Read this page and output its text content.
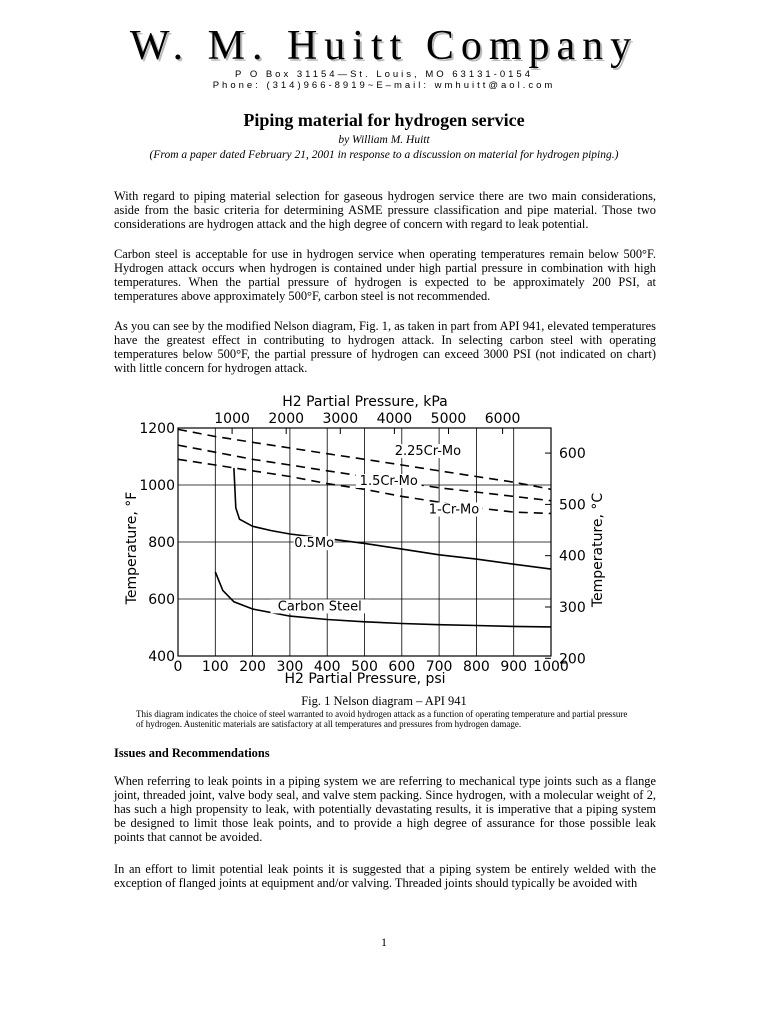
W. M. Huitt Company
P O Box 31154—St. Louis, MO 63131-0154
Phone: (314)966-8919~E–mail: wmhuitt@aol.com
Piping material for hydrogen service
by William M. Huitt
(From a paper dated February 21, 2001 in response to a discussion on material for hydrogen piping.)

With regard to piping material selection for gaseous hydrogen service there are two main considerations, aside from the basic criteria for determining ASME pressure classification and pipe material. Those two considerations are hydrogen attack and the high degree of concern with regard to leak potential.

Carbon steel is acceptable for use in hydrogen service when operating temperatures remain below 500°F. Hydrogen attack occurs when hydrogen is contained under high partial pressure in combination with high temperatures. When the partial pressure of hydrogen is expected to be approximately 200 PSI, at temperatures above approximately 500°F, carbon steel is not recommended.

As you can see by the modified Nelson diagram, Fig. 1, as taken in part from API 941, elevated temperatures have the greatest effect in contributing to hydrogen attack. In selecting carbon steel with operating temperatures below 500°F, the partial pressure of hydrogen can exceed 3000 PSI (not indicated on chart) with little concern for hydrogen attack.

0 100 200 300 400 500 600 700 800 900 1000
400
600
800
1000
1200
1000 2000 3000 4000 5000 6000
200
300
400
500
600
Carbon Steel
0.5Mo
1-Cr-Mo
1.5Cr-Mo
2.25Cr-Mo
H2 Partial Pressure, kPa
H2 Partial Pressure, psi
Temperature, °F	Temperature, °C
Fig. 1 Nelson diagram – API 941

This diagram indicates the choice of steel warranted to avoid hydrogen attack as a function of operating temperature and partial pressure of hydrogen. Austenitic materials are satisfactory at all temperatures and pressures from hydrogen damage.

Issues and Recommendations

When referring to leak points in a piping system we are referring to mechanical type joints such as a flange joint, threaded joint, valve body seal, and valve stem packing. Since hydrogen, with a molecular weight of 2, has such a high propensity to leak, with potentially devastating results, it is imperative that a piping system be designed to limit those leak points, and to provide a high degree of assurance for those possible leak points that cannot be avoided.

In an effort to limit potential leak points it is suggested that a piping system be entirely welded with the exception of flanged joints at equipment and/or valving. Threaded joints should typically be avoided with

1
